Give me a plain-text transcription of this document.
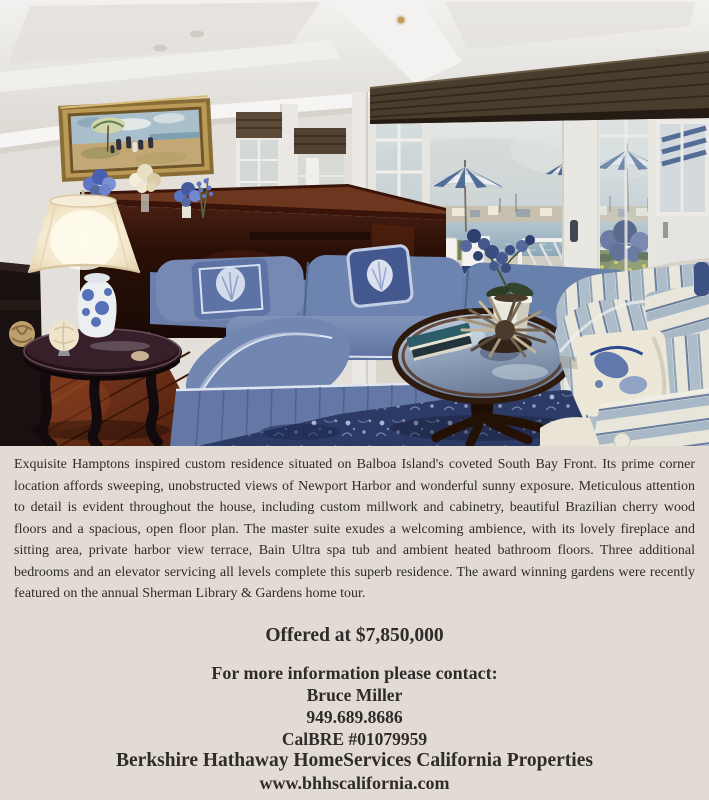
Exquisite Hamptons inspired custom residence situated on Balboa Island's coveted South Bay Front. Its prime corner location affords sweeping, unobstructed views of Newport Harbor and wonderful sunny exposure. Meticulous attention to detail is evident throughout the house, including custom millwork and cabinetry, beautiful Brazilian cherry wood floors and a spacious, open floor plan. The master suite exudes a welcoming ambience, with its lovely fireplace and sitting area, private harbor view terrace, Bain Ultra spa tub and ambient heated bathroom floors. Three additional bedrooms and an elevator servicing all levels complete this superb residence. The award winning gardens were recently featured on the annual Sherman Library & Gardens home tour.

Offered at $7,850,000

For more information please contact:

Bruce Miller

949.689.8686

CalBRE #01079959

Berkshire Hathaway HomeServices California Properties

www.bhhscalifornia.com
